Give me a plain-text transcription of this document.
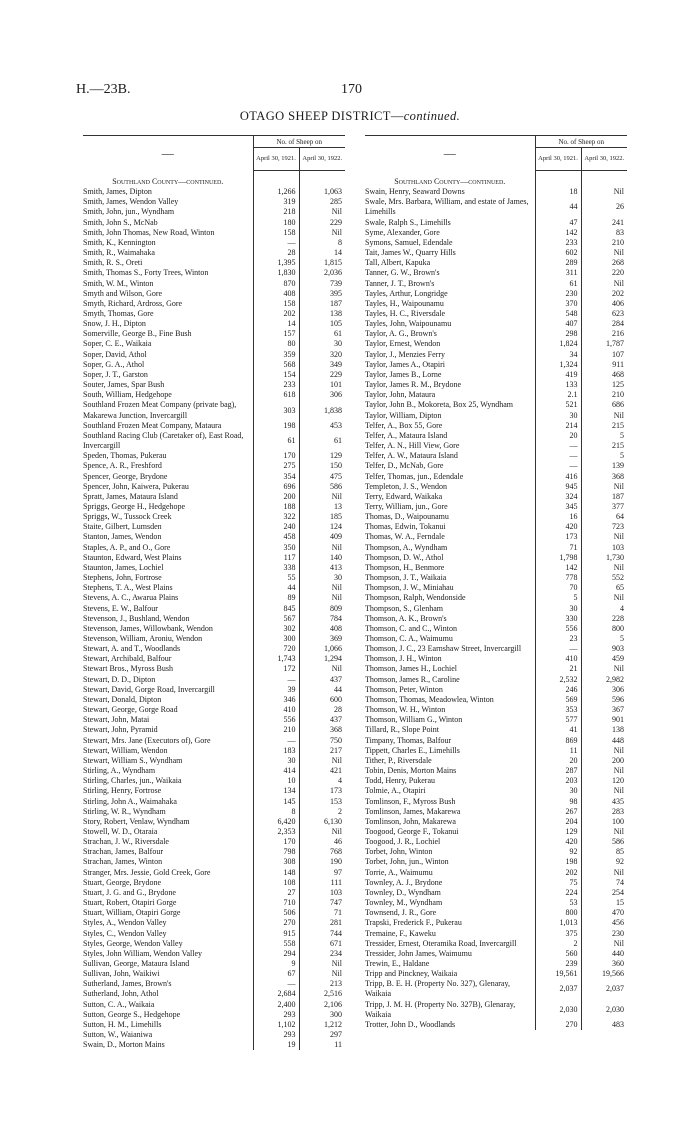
H.—23B.	170
OTAGO SHEEP DISTRICT—continued.
—	No. of Sheep on	
	April 30, 1921.	April 30, 1922.
Southland County—continued.		
Smith, James, Dipton	1,266	1,063
Smith, James, Wendon Valley	319	285
Smith, John, jun., Wyndham	218	Nil
Smith, John S., McNab	180	229
Smith, John Thomas, New Road, Winton	158	Nil
Smith, K., Kennington	—	8
Smith, R., Waimahaka	28	14
Smith, R. S., Oreti	1,395	1,815
Smith, Thomas S., Forty Trees, Winton	1,830	2,036
Smith, W. M., Winton	870	739
Smyth and Wilson, Gore	408	395
Smyth, Richard, Ardross, Gore	158	187
Smyth, Thomas, Gore	202	138
Snow, J. H., Dipton	14	105
Somerville, George B., Fine Bush	157	61
Soper, C. E., Waikaia	80	30
Soper, David, Athol	359	320
Soper, G. A., Athol	568	349
Soper, J. T., Garston	154	229
Souter, James, Spar Bush	233	101
South, William, Hedgehope	618	306
Southland Frozen Meat Company (private bag), Makarewa Junction, Invercargill	303	1,838
Southland Frozen Meat Company, Mataura	198	453
Southland Racing Club (Caretaker of), East Road, Invercargill	61	61
Speden, Thomas, Pukerau	170	129
Spence, A. R., Freshford	275	150
Spencer, George, Brydone	354	475
Spencer, John, Kaiwera, Pukerau	696	586
Spratt, James, Mataura Island	200	Nil
Spriggs, George H., Hedgehope	188	13
Spriggs, W., Tussock Creek	322	185
Staite, Gilbert, Lumsden	240	124
Stanton, James, Wendon	458	409
Staples, A. P., and O., Gore	350	Nil
Staunton, Edward, West Plains	117	140
Staunton, James, Lochiel	338	413
Stephens, John, Fortrose	55	30
Stephens, T. A., West Plains	44	Nil
Stevens, A. C., Awarua Plains	89	Nil
Stevens, E. W., Balfour	845	809
Stevenson, J., Bushland, Wendon	567	784
Stevenson, James, Willowbank, Wendon	302	408
Stevenson, William, Aroniu, Wendon	300	369
Stewart, A. and T., Woodlands	720	1,066
Stewart, Archibald, Balfour	1,743	1,294
Stewart Bros., Myross Bush	172	Nil
Stewart, D. D., Dipton	—	437
Stewart, David, Gorge Road, Invercargill	39	44
Stewart, Donald, Dipton	346	600
Stewart, George, Gorge Road	410	28
Stewart, John, Matai	556	437
Stewart, John, Pyramid	210	368
Stewart, Mrs. Jane (Executors of), Gore	—	750
Stewart, William, Wendon	183	217
Stewart, William S., Wyndham	30	Nil
Stirling, A., Wyndham	414	421
Stirling, Charles, jun., Waikaia	10	4
Stirling, Henry, Fortrose	134	173
Stirling, John A., Waimahaka	145	153
Stirling, W. R., Wyndham	8	2
Story, Robert, Venlaw, Wyndham	6,420	6,130
Stowell, W. D., Otaraia	2,353	Nil
Strachan, J. W., Riversdale	170	46
Strachan, James, Balfour	798	768
Strachan, James, Winton	308	190
Stranger, Mrs. Jessie, Gold Creek, Gore	148	97
Stuart, George, Brydone	108	111
Stuart, J. G. and G., Brydone	27	103
Stuart, Robert, Otapiri Gorge	710	747
Stuart, William, Otapiri Gorge	506	71
Styles, A., Wendon Valley	270	281
Styles, C., Wendon Valley	915	744
Styles, George, Wendon Valley	558	671
Styles, John William, Wendon Valley	294	234
Sullivan, George, Mataura Island	9	Nil
Sullivan, John, Waikiwi	67	Nil
Sutherland, James, Brown's	—	213
Sutherland, John, Athol	2,684	2,516
Sutton, C. A., Waikaia	2,400	2,106
Sutton, George S., Hedgehope	293	300
Sutton, H. M., Limehills	1,102	1,212
Sutton, W., Waianiwa	293	297
Swain, D., Morton Mains	19	11
—	No. of Sheep on	
	April 30, 1921.	April 30, 1922.
Southland County—continued.		
Swain, Henry, Seaward Downs	18	Nil
Swale, Mrs. Barbara, William, and estate of James, Limehills	44	26
Swale, Ralph S., Limehills	47	241
Syme, Alexander, Gore	142	83
Symons, Samuel, Edendale	233	210
Tait, James W., Quarry Hills	602	Nil
Tall, Albert, Kapuka	289	268
Tanner, G. W., Brown's	311	220
Tanner, J. T., Brown's	61	Nil
Tayles, Arthur, Longridge	230	202
Tayles, H., Waipounamu	370	406
Tayles, H. C., Riversdale	548	623
Tayles, John, Waipounamu	407	284
Taylor, A. G., Brown's	298	216
Taylor, Ernest, Wendon	1,824	1,787
Taylor, J., Menzies Ferry	34	107
Taylor, James A., Otapiri	1,324	911
Taylor, James B., Lorne	419	468
Taylor, James R. M., Brydone	133	125
Taylor, John, Mataura	2.1	210
Taylor, John B., Mokoreta, Box 25, Wyndham	521	686
Taylor, William, Dipton	30	Nil
Telfer, A., Box 55, Gore	214	215
Telfer, A., Mataura Island	20	5
Telfer, A. N., Hill View, Gore	—	215
Telfer, A. W., Mataura Island	—	5
Telfer, D., McNab, Gore	—	139
Telfer, Thomas, jun., Edendale	416	368
Templeton, J. S., Wendon	945	Nil
Terry, Edward, Waikaka	324	187
Terry, William, jun., Gore	345	377
Thomas, D., Waipounamu	16	64
Thomas, Edwin, Tokanui	420	723
Thomas, W. A., Ferndale	173	Nil
Thompson, A., Wyndham	71	103
Thompson, D. W., Athol	1,798	1,730
Thompson, H., Benmore	142	Nil
Thompson, J. T., Waikaia	778	552
Thompson, J. W., Miniahau	70	65
Thompson, Ralph, Wendonside	5	Nil
Thompson, S., Glenham	30	4
Thomson, A. K., Brown's	330	228
Thomson, C. and C., Winton	556	800
Thomson, C. A., Waimumu	23	5
Thomson, J. C., 23 Earnshaw Street, Invercargill	—	903
Thomson, J. H., Winton	410	459
Thomson, James H., Lochiel	21	Nil
Thomson, James R., Caroline	2,532	2,982
Thomson, Peter, Winton	246	306
Thomson, Thomas, Meadowlea, Winton	569	596
Thomson, W. H., Winton	353	367
Thomson, William G., Winton	577	901
Tillard, R., Slope Point	41	138
Timpany, Thomas, Balfour	869	448
Tippett, Charles E., Limehills	11	Nil
Tither, P., Riversdale	20	200
Tobin, Denis, Morton Mains	287	Nil
Todd, Henry, Pukerau	203	120
Tolmie, A., Otapiri	30	Nil
Tomlinson, F., Myross Bush	98	435
Tomlinson, James, Makarewa	267	283
Tomlinson, John, Makarewa	204	100
Toogood, George F., Tokanui	129	Nil
Toogood, J. R., Lochiel	420	586
Torbet, John, Winton	92	85
Torbet, John, jun., Winton	198	92
Torrie, A., Waimumu	202	Nil
Townley, A. J., Brydone	75	74
Townley, D., Wyndham	224	254
Townley, M., Wyndham	53	15
Townsend, J. R., Gore	800	470
Trapski, Frederick F., Pukerau	1,013	456
Tremaine, F., Kaweku	375	230
Tressider, Ernest, Oteramika Road, Invercargill	2	Nil
Tressider, John James, Waimumu	560	440
Trewin, E., Haldane	239	360
Tripp and Pinckney, Waikaia	19,561	19,566
Tripp, B. E. H. (Property No. 327), Glenaray, Waikaia	2,037	2,037
Tripp, J. M. H. (Property No. 327B), Glenaray, Waikaia	2,030	2,030
Trotter, John D., Woodlands	270	483
